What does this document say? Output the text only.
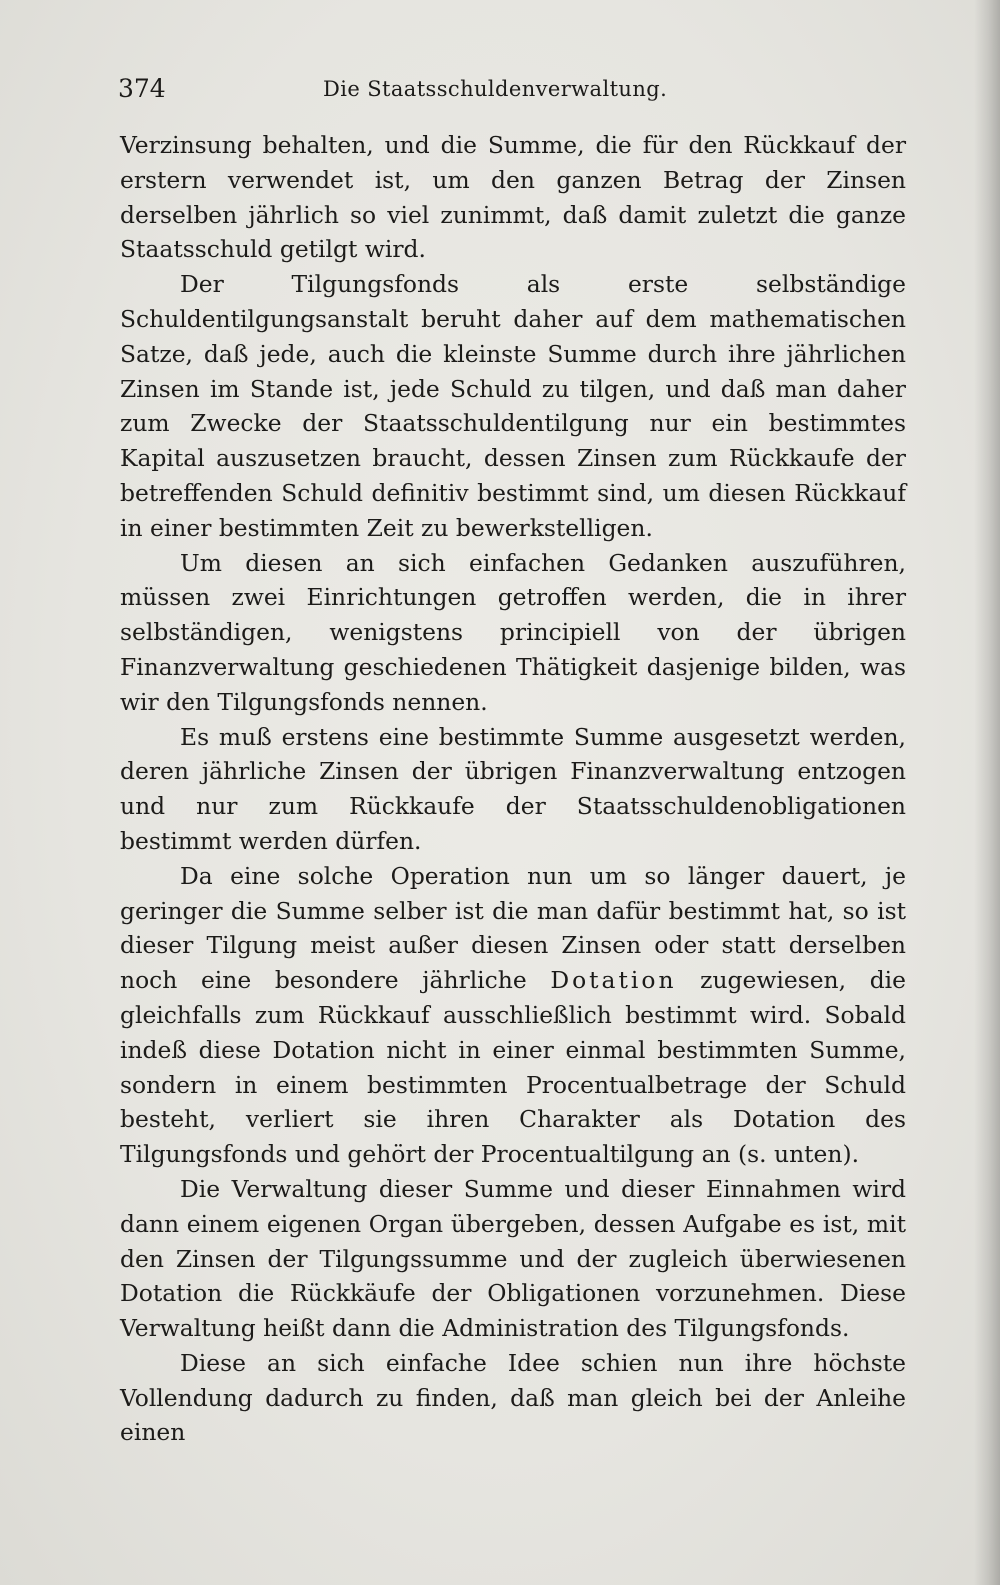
374	Die Staatsschuldenverwaltung.

Verzinsung behalten, und die Summe, die für den Rückkauf der erstern verwendet ist, um den ganzen Betrag der Zinsen derselben jährlich so viel zunimmt, daß damit zuletzt die ganze Staatsschuld getilgt wird.

Der Tilgungsfonds als erste selbständige Schuldentilgungsanstalt beruht daher auf dem mathematischen Satze, daß jede, auch die kleinste Summe durch ihre jährlichen Zinsen im Stande ist, jede Schuld zu tilgen, und daß man daher zum Zwecke der Staatsschuldentilgung nur ein bestimmtes Kapital auszusetzen braucht, dessen Zinsen zum Rückkaufe der betreffenden Schuld definitiv bestimmt sind, um diesen Rückkauf in einer bestimmten Zeit zu bewerkstelligen.

Um diesen an sich einfachen Gedanken auszuführen, müssen zwei Einrichtungen getroffen werden, die in ihrer selbständigen, wenigstens principiell von der übrigen Finanzverwaltung geschiedenen Thätigkeit dasjenige bilden, was wir den Tilgungsfonds nennen.

Es muß erstens eine bestimmte Summe ausgesetzt werden, deren jährliche Zinsen der übrigen Finanzverwaltung entzogen und nur zum Rückkaufe der Staatsschuldenobligationen bestimmt werden dürfen.

Da eine solche Operation nun um so länger dauert, je geringer die Summe selber ist die man dafür bestimmt hat, so ist dieser Tilgung meist außer diesen Zinsen oder statt derselben noch eine besondere jährliche Dotation zugewiesen, die gleichfalls zum Rückkauf ausschließlich bestimmt wird. Sobald indeß diese Dotation nicht in einer einmal bestimmten Summe, sondern in einem bestimmten Procentualbetrage der Schuld besteht, verliert sie ihren Charakter als Dotation des Tilgungsfonds und gehört der Procentualtilgung an (s. unten).

Die Verwaltung dieser Summe und dieser Einnahmen wird dann einem eigenen Organ übergeben, dessen Aufgabe es ist, mit den Zinsen der Tilgungssumme und der zugleich überwiesenen Dotation die Rückkäufe der Obligationen vorzunehmen. Diese Verwaltung heißt dann die Administration des Tilgungsfonds.

Diese an sich einfache Idee schien nun ihre höchste Vollendung dadurch zu finden, daß man gleich bei der Anleihe einen
